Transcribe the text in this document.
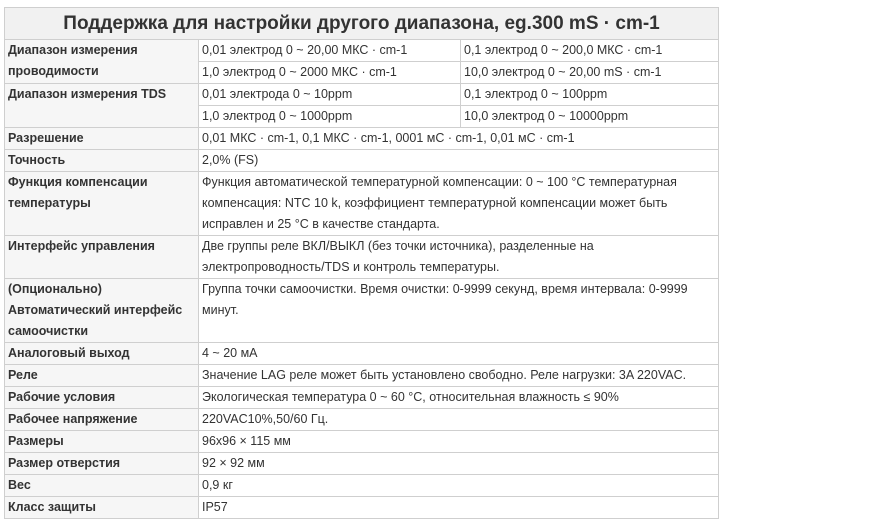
Поддержка для настройки другого диапазона, eg.300 mS · cm-1		
Диапазон измерения проводимости	0,01 электрод 0 ~ 20,00 МКС · cm-1	0,1 электрод 0 ~ 200,0 МКС · cm-1
	1,0 электрод 0 ~ 2000 МКС · cm-1	10,0 электрод 0 ~ 20,00 mS · cm-1
Диапазон измерения TDS	0,01 электрода 0 ~ 10ppm	0,1 электрод 0 ~ 100ppm
	1,0 электрод 0 ~ 1000ppm	10,0 электрод 0 ~ 10000ppm
Разрешение	0,01 МКС · cm-1, 0,1 МКС · cm-1, 0001 мС · cm-1, 0,01 мС · cm-1	
Точность	2,0% (FS)	
Функция компенсации температуры	Функция автоматической температурной компенсации: 0 ~ 100 °C температурная компенсация: NTC 10 k, коэффициент температурной компенсации может быть исправлен и 25 °C в качестве стандарта.	
Интерфейс управления	Две группы реле ВКЛ/ВЫКЛ (без точки источника), разделенные на электропроводность/TDS и контроль температуры.	
(Опционально) Автоматический интерфейс самоочистки	Группа точки самоочистки. Время очистки: 0-9999 секунд, время интервала: 0-9999 минут.	
Аналоговый выход	4 ~ 20 мА	
Реле	Значение LAG реле может быть установлено свободно. Реле нагрузки: 3A 220VAC.	
Рабочие условия	Экологическая температура 0 ~ 60 °C, относительная влажность ≤ 90%	
Рабочее напряжение	220VAC10%,50/60 Гц.	
Размеры	96x96 × 115 мм	
Размер отверстия	92 × 92 мм	
Вес	0,9 кг	
Класс защиты	IP57	
